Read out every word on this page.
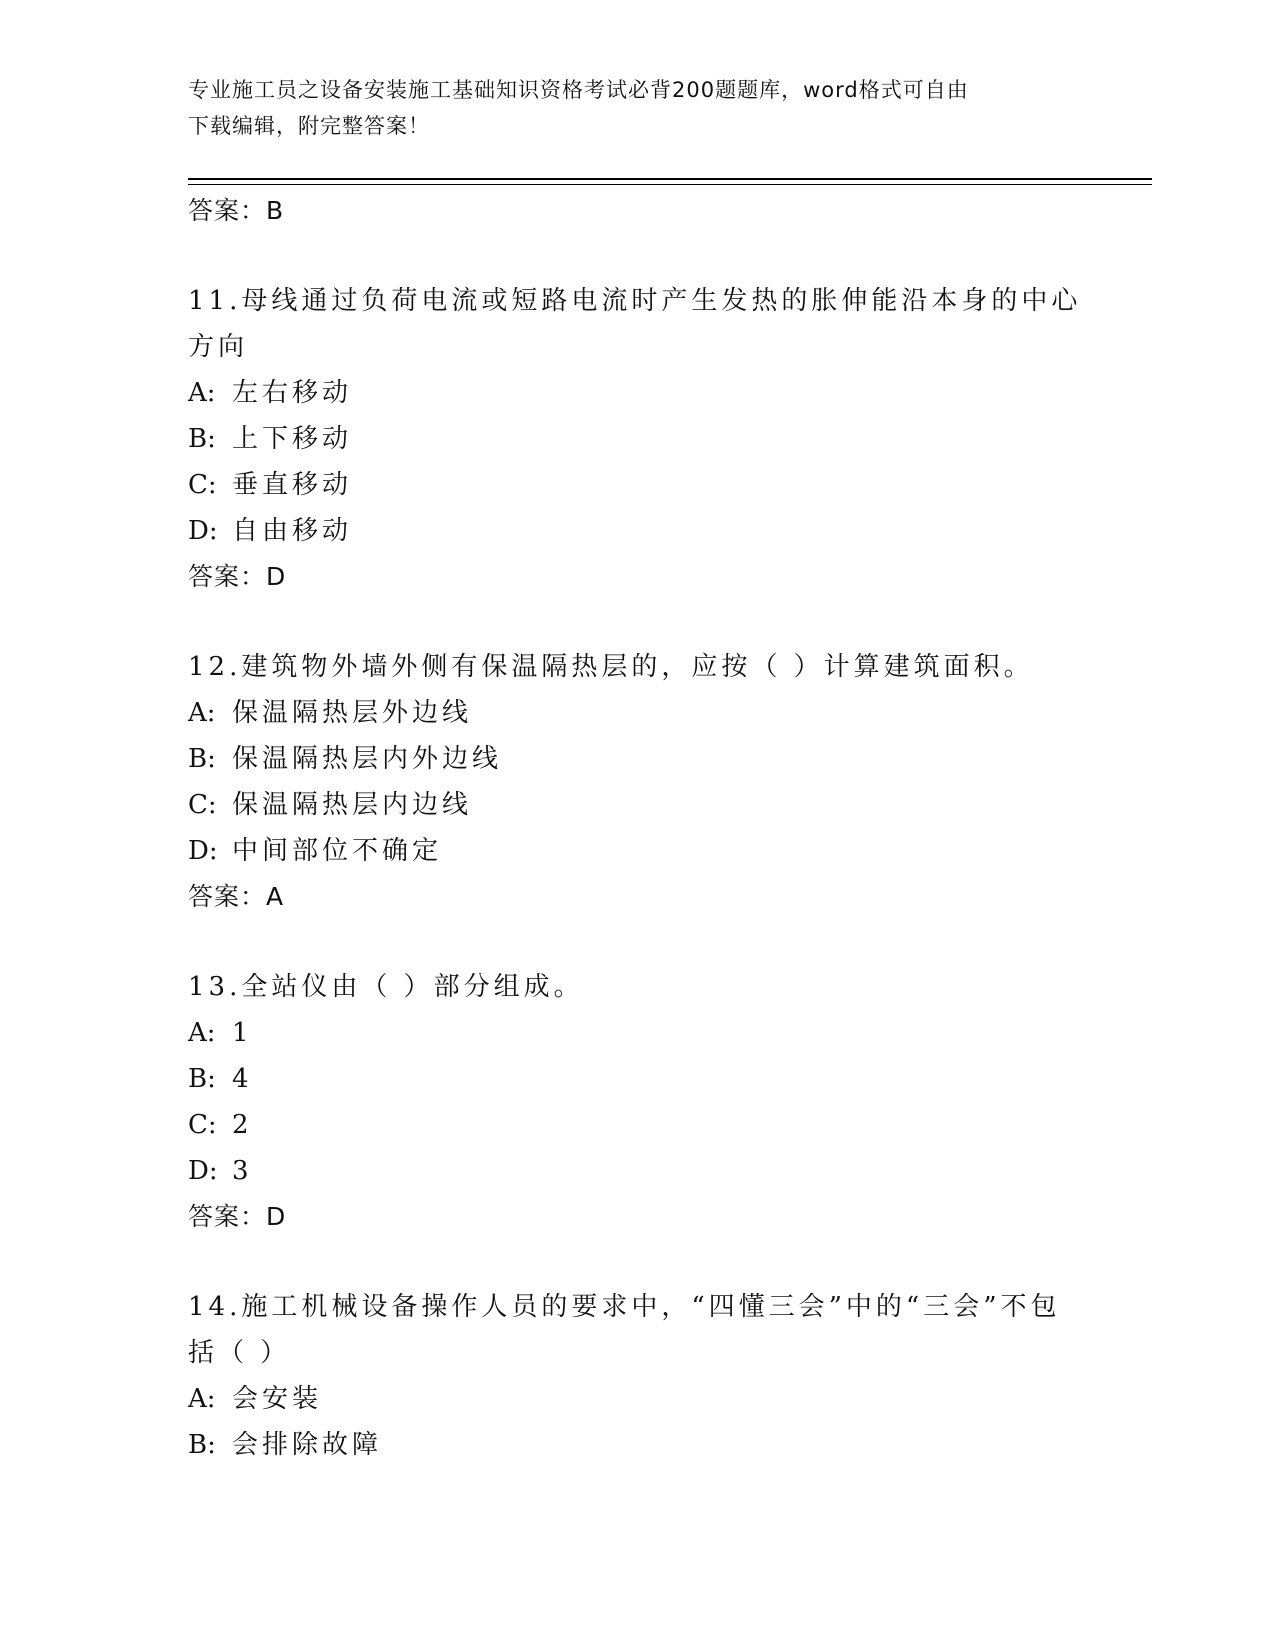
专业施工员之设备安装施工基础知识资格考试必背200题题库，word格式可自由
下载编辑，附完整答案！
答案：B
11.母线通过负荷电流或短路电流时产生发热的胀伸能沿本身的中心方向
A: 左右移动
B: 上下移动
C: 垂直移动
D: 自由移动
答案：D
12.建筑物外墙外侧有保温隔热层的，应按（ ）计算建筑面积。
A: 保温隔热层外边线
B: 保温隔热层内外边线
C: 保温隔热层内边线
D: 中间部位不确定
答案：A
13.全站仪由（ ）部分组成。
A: 1
B: 4
C: 2
D: 3
答案：D
14.施工机械设备操作人员的要求中，“四懂三会”中的“三会”不包括（ ）
A: 会安装
B: 会排除故障
